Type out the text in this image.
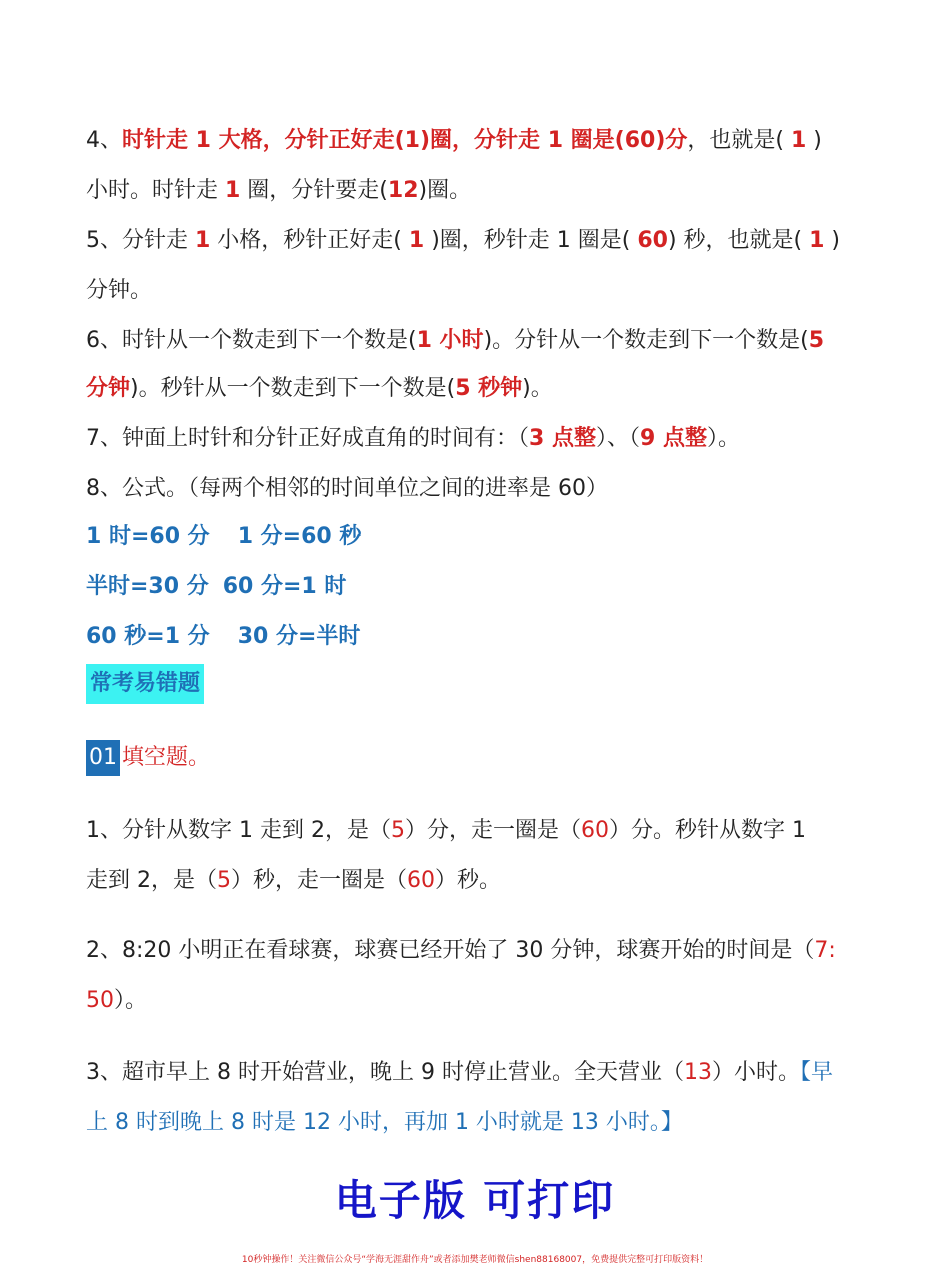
4、时针走 1 大格，分针正好走(1)圈，分针走 1 圈是(60)分，也就是( 1 )
小时。时针走 1 圈，分针要走(12)圈。
5、分针走 1 小格，秒针正好走( 1 )圈，秒针走 1 圈是( 60) 秒，也就是( 1 )
分钟。
6、时针从一个数走到下一个数是(1 小时)。分针从一个数走到下一个数是(5
分钟)。秒针从一个数走到下一个数是(5 秒钟)。
7、钟面上时针和分针正好成直角的时间有：（3 点整）、（9 点整）。
8、公式。（每两个相邻的时间单位之间的进率是 60）
1 时=60 分 1 分=60 秒
半时=30 分 60 分=1 时
60 秒=1 分 30 分=半时
常考易错题
01 填空题。
1、分针从数字 1 走到 2，是（5）分，走一圈是（60）分。秒针从数字 1
走到 2，是（5）秒，走一圈是（60）秒。
2、8:20 小明正在看球赛，球赛已经开始了 30 分钟，球赛开始的时间是（7:
50）。
3、超市早上 8 时开始营业，晚上 9 时停止营业。全天营业（13）小时。【早
上 8 时到晚上 8 时是 12 小时，再加 1 小时就是 13 小时。】
电子版 可打印
10秒钟操作！关注微信公众号“学海无涯甜作舟”或者添加樊老师微信shen88168007，免费提供完整可打印版资料！
